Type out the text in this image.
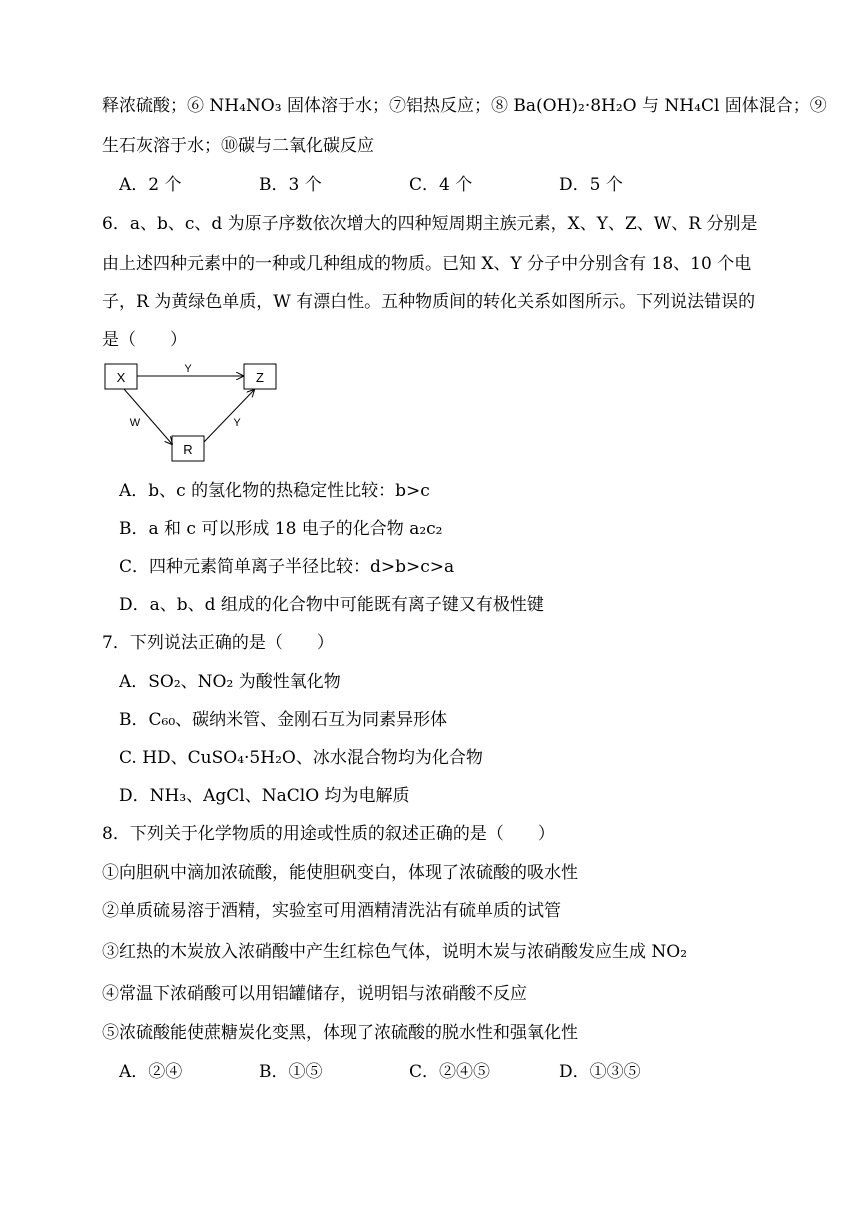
释浓硫酸；⑥ NH₄NO₃ 固体溶于水；⑦铝热反应；⑧ Ba(OH)₂·8H₂O 与 NH₄Cl 固体混合；⑨
生石灰溶于水；⑩碳与二氧化碳反应
A．2 个	B．3 个	C．4 个	D．5 个
6．a、b、c、d 为原子序数依次增大的四种短周期主族元素，X、Y、Z、W、R 分别是
由上述四种元素中的一种或几种组成的物质。已知 X、Y 分子中分别含有 18、10 个电
子，R 为黄绿色单质，W 有漂白性。五种物质间的转化关系如图所示。下列说法错误的
是（　　）
X	Z
R
Y
W	Y
A．b、c 的氢化物的热稳定性比较：b>c
B．a 和 c 可以形成 18 电子的化合物 a₂c₂
C．四种元素简单离子半径比较：d>b>c>a
D．a、b、d 组成的化合物中可能既有离子键又有极性键
7．下列说法正确的是（　　）
A．SO₂、NO₂ 为酸性氧化物
B．C₆₀、碳纳米管、金刚石互为同素异形体
C. HD、CuSO₄·5H₂O、冰水混合物均为化合物
D．NH₃、AgCl、NaClO 均为电解质
8．下列关于化学物质的用途或性质的叙述正确的是（　　）
①向胆矾中滴加浓硫酸，能使胆矾变白，体现了浓硫酸的吸水性
②单质硫易溶于酒精，实验室可用酒精清洗沾有硫单质的试管
③红热的木炭放入浓硝酸中产生红棕色气体，说明木炭与浓硝酸发应生成 NO₂
④常温下浓硝酸可以用铝罐储存，说明铝与浓硝酸不反应
⑤浓硫酸能使蔗糖炭化变黑，体现了浓硫酸的脱水性和强氧化性
A．②④	B．①⑤	C．②④⑤	D．①③⑤
